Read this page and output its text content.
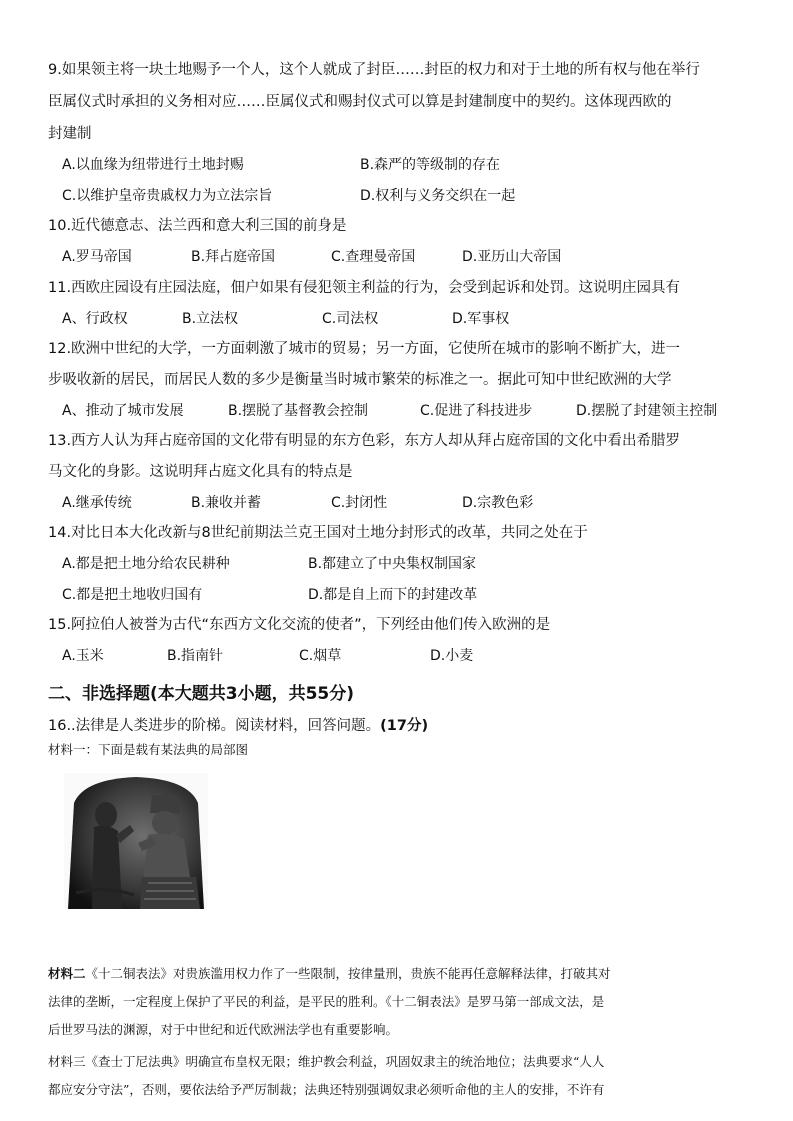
9.如果领主将一块土地赐予一个人，这个人就成了封臣……封臣的权力和对于土地的所有权与他在举行
臣属仪式时承担的义务相对应……臣属仪式和赐封仪式可以算是封建制度中的契约。这体现西欧的
封建制
A.以血缘为纽带进行土地封赐	B.森严的等级制的存在
C.以维护皇帝贵戚权力为立法宗旨	D.权利与义务交织在一起
10.近代德意志、法兰西和意大利三国的前身是
A.罗马帝国	B.拜占庭帝国	C.查理曼帝国	D.亚历山大帝国
11.西欧庄园设有庄园法庭，佃户如果有侵犯领主利益的行为，会受到起诉和处罚。这说明庄园具有
A、行政权	B.立法权	C.司法权	D.军事权
12.欧洲中世纪的大学，一方面刺激了城市的贸易；另一方面，它使所在城市的影响不断扩大，进一
步吸收新的居民，而居民人数的多少是衡量当时城市繁荣的标准之一。据此可知中世纪欧洲的大学
A、推动了城市发展	B.摆脱了基督教会控制	C.促进了科技进步	D.摆脱了封建领主控制
13.西方人认为拜占庭帝国的文化带有明显的东方色彩，东方人却从拜占庭帝国的文化中看出希腊罗
马文化的身影。这说明拜占庭文化具有的特点是
A.继承传统	B.兼收并蓄	C.封闭性	D.宗教色彩
14.对比日本大化改新与8世纪前期法兰克王国对土地分封形式的改革，共同之处在于
A.都是把土地分给农民耕种	B.都建立了中央集权制国家
C.都是把土地收归国有	D.都是自上而下的封建改革
15.阿拉伯人被誉为古代“东西方文化交流的使者”，下列经由他们传入欧洲的是
A.玉米	B.指南针	C.烟草	D.小麦
二、非选择题(本大题共3小题，共55分)
16..法律是人类进步的阶梯。阅读材料，回答问题。(17分)
材料一：下面是载有某法典的局部图
材料二《十二铜表法》对贵族滥用权力作了一些限制，按律量刑，贵族不能再任意解释法律，打破其对
法律的垄断，一定程度上保护了平民的利益，是平民的胜利。《十二铜表法》是罗马第一部成文法，是
后世罗马法的渊源，对于中世纪和近代欧洲法学也有重要影响。
材料三《查士丁尼法典》明确宣布皇权无限；维护教会利益，巩固奴隶主的统治地位；法典要求“人人
都应安分守法”，否则，要依法给予严厉制裁；法典还特别强调奴隶必须听命他的主人的安排，不许有
